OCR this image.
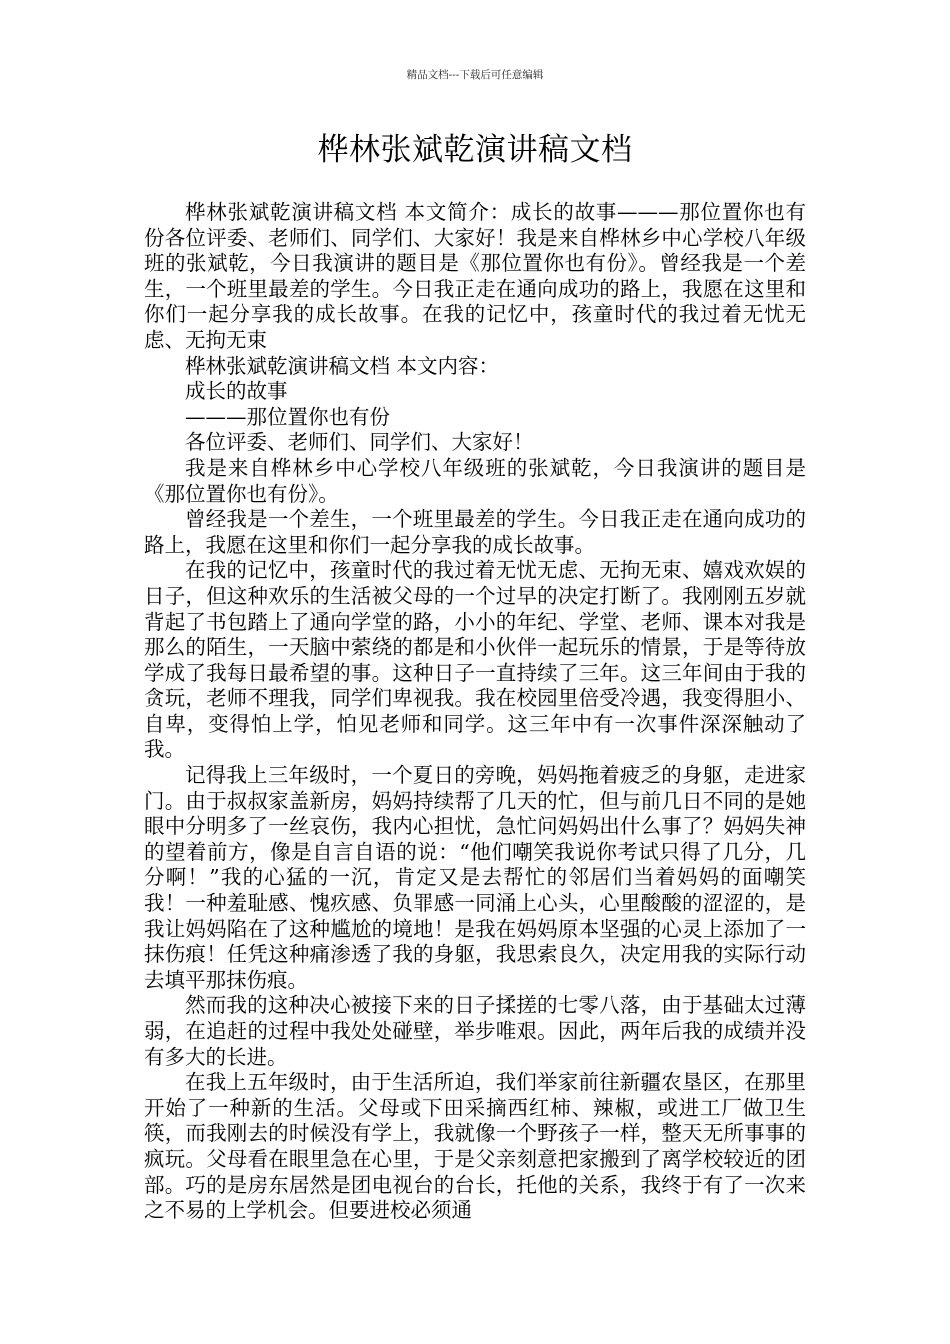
精品文档---下载后可任意编辑
桦林张斌乾演讲稿文档

桦林张斌乾演讲稿文档 本文简介：成长的故事———那位置你也有份各位评委、老师们、同学们、大家好！我是来自桦林乡中心学校八年级班的张斌乾，今日我演讲的题目是《那位置你也有份》。曾经我是一个差生，一个班里最差的学生。今日我正走在通向成功的路上，我愿在这里和你们一起分享我的成长故事。在我的记忆中，孩童时代的我过着无忧无虑、无拘无束

桦林张斌乾演讲稿文档 本文内容：

成长的故事

———那位置你也有份

各位评委、老师们、同学们、大家好！

我是来自桦林乡中心学校八年级班的张斌乾，今日我演讲的题目是《那位置你也有份》。

曾经我是一个差生，一个班里最差的学生。今日我正走在通向成功的路上，我愿在这里和你们一起分享我的成长故事。

在我的记忆中，孩童时代的我过着无忧无虑、无拘无束、嬉戏欢娱的日子，但这种欢乐的生活被父母的一个过早的决定打断了。我刚刚五岁就背起了书包踏上了通向学堂的路，小小的年纪、学堂、老师、课本对我是那么的陌生，一天脑中萦绕的都是和小伙伴一起玩乐的情景，于是等待放学成了我每日最希望的事。这种日子一直持续了三年。这三年间由于我的贪玩，老师不理我，同学们卑视我。我在校园里倍受冷遇，我变得胆小、自卑，变得怕上学，怕见老师和同学。这三年中有一次事件深深触动了我。

记得我上三年级时，一个夏日的旁晚，妈妈拖着疲乏的身躯，走进家门。由于叔叔家盖新房，妈妈持续帮了几天的忙，但与前几日不同的是她眼中分明多了一丝哀伤，我内心担忧，急忙问妈妈出什么事了？妈妈失神的望着前方，像是自言自语的说：“他们嘲笑我说你考试只得了几分，几分啊！”我的心猛的一沉，肯定又是去帮忙的邻居们当着妈妈的面嘲笑我！一种羞耻感、愧疚感、负罪感一同涌上心头，心里酸酸的涩涩的，是我让妈妈陷在了这种尴尬的境地！是我在妈妈原本坚强的心灵上添加了一抹伤痕！任凭这种痛渗透了我的身躯，我思索良久，决定用我的实际行动去填平那抹伤痕。

然而我的这种决心被接下来的日子揉搓的七零八落，由于基础太过薄弱，在追赶的过程中我处处碰壁，举步唯艰。因此，两年后我的成绩并没有多大的长进。

在我上五年级时，由于生活所迫，我们举家前往新疆农垦区，在那里开始了一种新的生活。父母或下田采摘西红柿、辣椒，或进工厂做卫生筷，而我刚去的时候没有学上，我就像一个野孩子一样，整天无所事事的疯玩。父母看在眼里急在心里，于是父亲刻意把家搬到了离学校较近的团部。巧的是房东居然是团电视台的台长，托他的关系，我终于有了一次来之不易的上学机会。但要进校必须通
